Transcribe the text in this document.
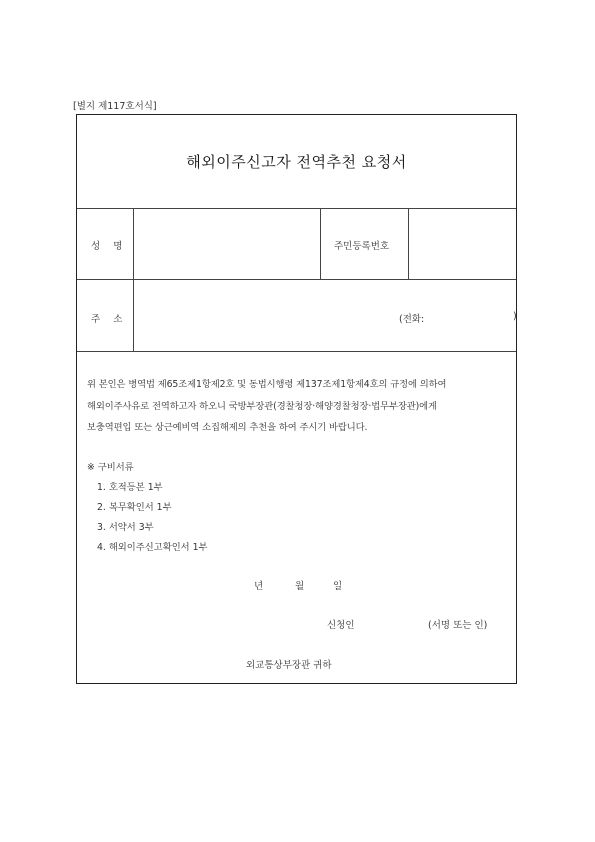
[별지 제117호서식]
해외이주신고자 전역추천 요청서
성 명	주민등록번호
주 소	(전화:	)
위 본인은 병역법 제65조제1항제2호 및 동법시행령 제137조제1항제4호의 규정에 의하여
해외이주사유로 전역하고자 하오니 국방부장관(경찰청장·해양경찰청장·법무부장관)에게
보충역편입 또는 상근예비역 소집해제의 추천을 하여 주시기 바랍니다.
※ 구비서류
1. 호적등본 1부
2. 복무확인서 1부
3. 서약서 3부
4. 해외이주신고확인서 1부
년	월	일
신청인	(서명 또는 인)
외교통상부장관 귀하
